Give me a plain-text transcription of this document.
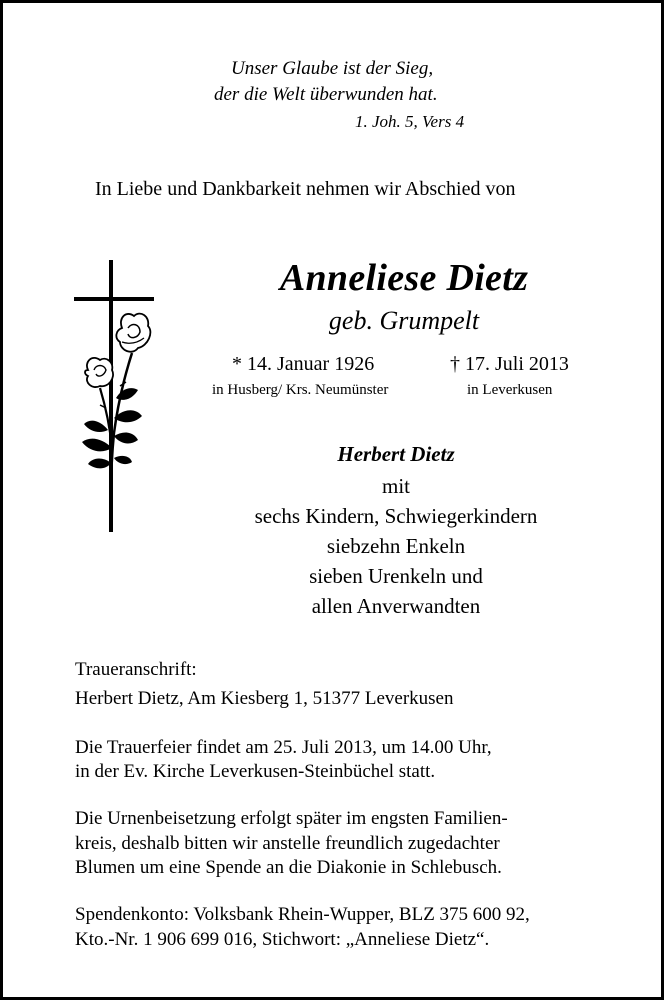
Unser Glaube ist der Sieg,
der die Welt überwunden hat.
1. Joh. 5, Vers 4
In Liebe und Dankbarkeit nehmen wir Abschied von
Anneliese Dietz
geb. Grumpelt
* 14. Januar 1926
in Husberg/ Krs. Neumünster
† 17. Juli 2013
in Leverkusen
Herbert Dietz
mit
sechs Kindern, Schwiegerkindern
siebzehn Enkeln
sieben Urenkeln und
allen Anverwandten
Traueranschrift:
Herbert Dietz, Am Kiesberg 1, 51377 Leverkusen
Die Trauerfeier findet am 25. Juli 2013, um 14.00 Uhr,
in der Ev. Kirche Leverkusen-Steinbüchel statt.
Die Urnenbeisetzung erfolgt später im engsten Familien-
kreis, deshalb bitten wir anstelle freundlich zugedachter
Blumen um eine Spende an die Diakonie in Schlebusch.
Spendenkonto: Volksbank Rhein-Wupper, BLZ 375 600 92,
Kto.-Nr. 1 906 699 016, Stichwort: „Anneliese Dietz“.
